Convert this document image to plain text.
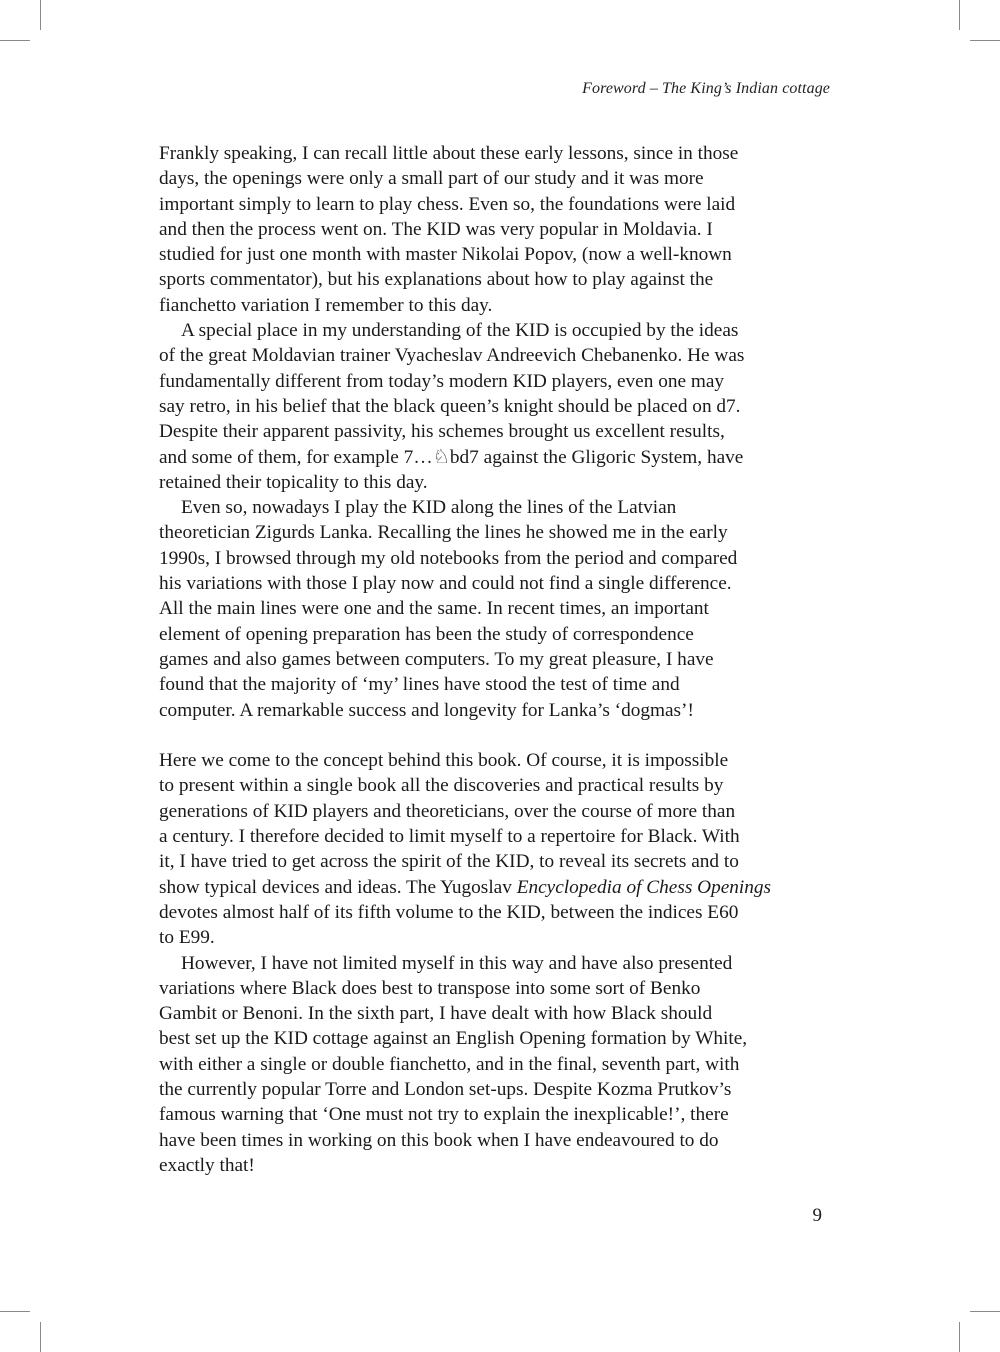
Foreword – The King’s Indian cottage
Frankly speaking, I can recall little about these early lessons, since in those
days, the openings were only a small part of our study and it was more
important simply to learn to play chess. Even so, the foundations were laid
and then the process went on. The KID was very popular in Moldavia. I
studied for just one month with master Nikolai Popov, (now a well-known
sports commentator), but his explanations about how to play against the
fianchetto variation I remember to this day.
A special place in my understanding of the KID is occupied by the ideas
of the great Moldavian trainer Vyacheslav Andreevich Chebanenko. He was
fundamentally different from today’s modern KID players, even one may
say retro, in his belief that the black queen’s knight should be placed on d7.
Despite their apparent passivity, his schemes brought us excellent results,
and some of them, for example 7…♘bd7 against the Gligoric System, have
retained their topicality to this day.
Even so, nowadays I play the KID along the lines of the Latvian
theoretician Zigurds Lanka. Recalling the lines he showed me in the early
1990s, I browsed through my old notebooks from the period and compared
his variations with those I play now and could not find a single difference.
All the main lines were one and the same. In recent times, an important
element of opening preparation has been the study of correspondence
games and also games between computers. To my great pleasure, I have
found that the majority of ‘my’ lines have stood the test of time and
computer. A remarkable success and longevity for Lanka’s ‘dogmas’!
Here we come to the concept behind this book. Of course, it is impossible
to present within a single book all the discoveries and practical results by
generations of KID players and theoreticians, over the course of more than
a century. I therefore decided to limit myself to a repertoire for Black. With
it, I have tried to get across the spirit of the KID, to reveal its secrets and to
show typical devices and ideas. The Yugoslav Encyclopedia of Chess Openings
devotes almost half of its fifth volume to the KID, between the indices E60
to E99.
However, I have not limited myself in this way and have also presented
variations where Black does best to transpose into some sort of Benko
Gambit or Benoni. In the sixth part, I have dealt with how Black should
best set up the KID cottage against an English Opening formation by White,
with either a single or double fianchetto, and in the final, seventh part, with
the currently popular Torre and London set-ups. Despite Kozma Prutkov’s
famous warning that ‘One must not try to explain the inexplicable!’, there
have been times in working on this book when I have endeavoured to do
exactly that!
9
